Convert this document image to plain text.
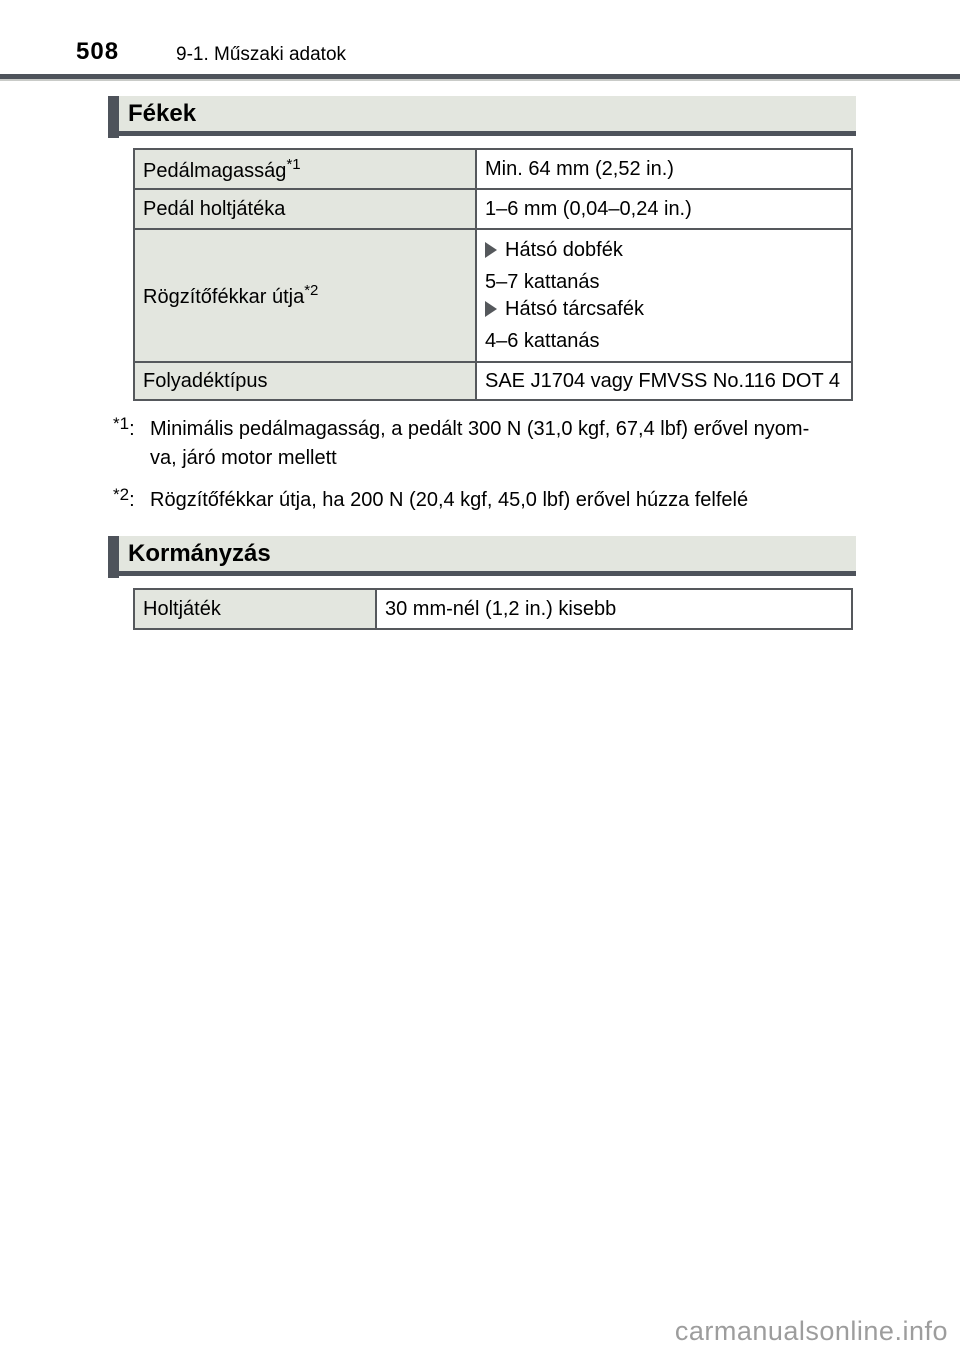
508	9-1. Műszaki adatok
Fékek
Pedálmagasság$^{*1}$	Min. 64 mm (2,52 in.)
Pedál holtjátéka	1–6 mm (0,04–0,24 in.)
Rögzítőfékkar útja$^{*2}$	Hátsó dobfék
5–7 kattanás
Hátsó tárcsafék
4–6 kattanás

Folyadéktípus	SAE J1704 vagy FMVSS No.116 DOT 4
$^{*1}$: Minimális pedálmagasság, a pedált 300 N (31,0 kgf, 67,4 lbf) erővel nyom-
va, járó motor mellett
$^{*2}$: Rögzítőfékkar útja, ha 200 N (20,4 kgf, 45,0 lbf) erővel húzza felfelé
Kormányzás
Holtjáték	30 mm-nél (1,2 in.) kisebb
carmanualsonline.info
